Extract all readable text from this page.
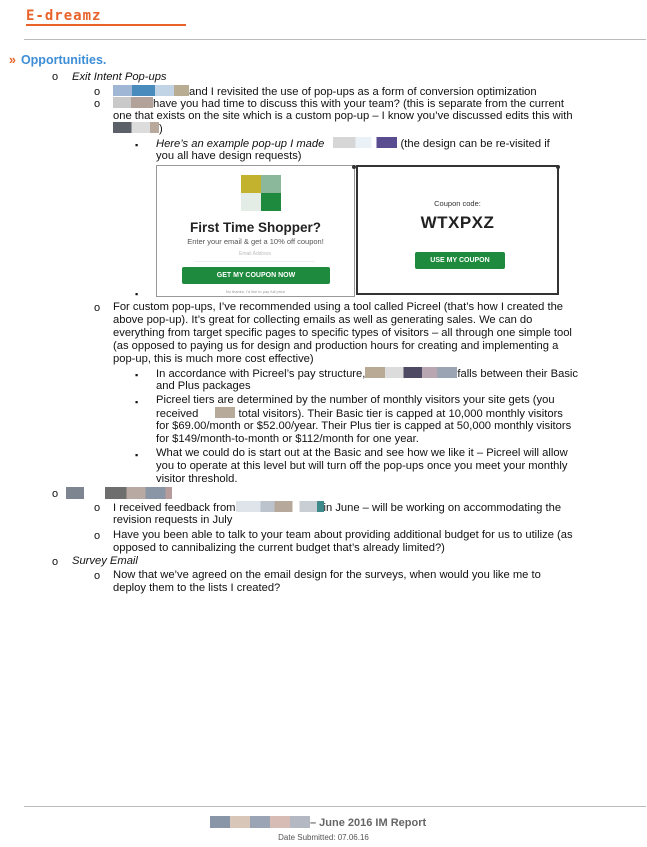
E-dreamz
» Opportunities.
o Exit Intent Pop-ups
o	and I revisited the use of pop-ups as a form of conversion optimization
o	have you had time to discuss this with your team? (this is separate from the current
one that exists on the site which is a custom pop-up – I know you’ve discussed edits this with
)
▪ Here’s an example pop-up I made	(the design can be re-visited if
you all have design requests)
First Time Shopper?
Enter your email & get a 10% off coupon!
Email Address
GET MY COUPON NOW
No thanks, I'd like to pay full price
Coupon code:
WTXPXZ
USE MY COUPON
▪
o For custom pop-ups, I’ve recommended using a tool called Picreel (that’s how I created the
above pop-up). It’s great for collecting emails as well as generating sales. We can do
everything from target specific pages to specific types of visitors – all through one simple tool
(as opposed to paying us for design and production hours for creating and implementing a
pop-up, this is much more cost effective)
▪ In accordance with Picreel’s pay structure,	falls between their Basic
and Plus packages
▪ Picreel tiers are determined by the number of monthly visitors your site gets (you
received	total visitors). Their Basic tier is capped at 10,000 monthly visitors
for $69.00/month or $52.00/year. Their Plus tier is capped at 50,000 monthly visitors
for $149/month-to-month or $112/month for one year.
▪ What we could do is start out at the Basic and see how we like it – Picreel will allow
you to operate at this level but will turn off the pop-ups once you meet your monthly
visitor threshold.
o
o I received feedback from	in June – will be working on accommodating the
revision requests in July
o Have you been able to talk to your team about providing additional budget for us to utilize (as
opposed to cannibalizing the current budget that’s already limited?)
o Survey Email
o Now that we’ve agreed on the email design for the surveys, when would you like me to
deploy them to the lists I created?
– June 2016 IM Report
Date Submitted: 07.06.16
